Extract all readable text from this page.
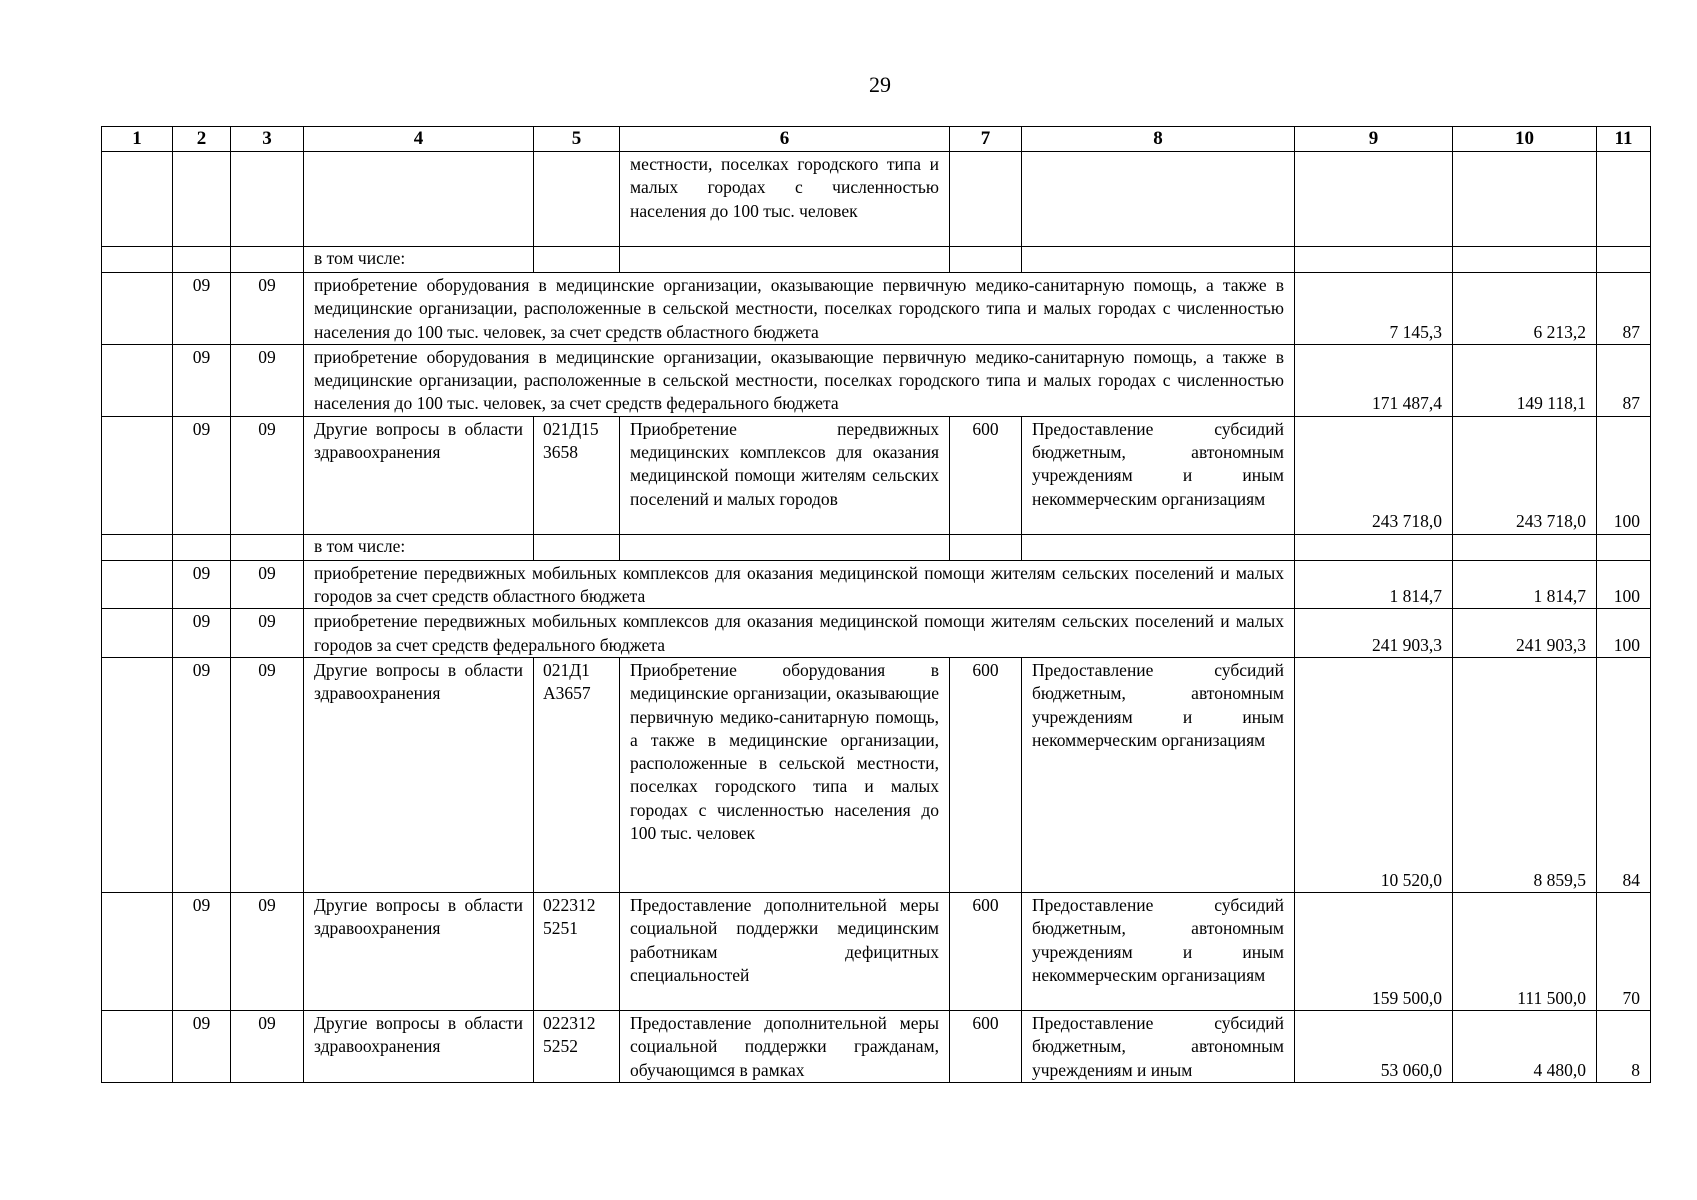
29
1	2	3	4	5	6	7	8	9	10	11
					местности, поселках городского типа и малых городах с численностью населения до 100 тыс. человек					
			в том числе:							
	09	09	приобретение оборудования в медицинские организации, оказывающие первичную медико-санитарную помощь, а также в медицинские организации, расположенные в сельской местности, поселках городского типа и малых городах с численностью населения до 100 тыс. человек, за счет средств областного бюджета					7 145,3	6 213,2	87
	09	09	приобретение оборудования в медицинские организации, оказывающие первичную медико-санитарную помощь, а также в медицинские организации, расположенные в сельской местности, поселках городского типа и малых городах с численностью населения до 100 тыс. человек, за счет средств федерального бюджета					171 487,4	149 118,1	87
	09	09	Другие вопросы в области здравоохранения	021Д15 3658	Приобретение передвижных медицинских комплексов для оказания медицинской помощи жителям сельских поселений и малых городов	600	Предоставление субсидий бюджетным, автономным учреждениям и иным некоммерческим организациям	243 718,0	243 718,0	100
			в том числе:							
	09	09	приобретение передвижных мобильных комплексов для оказания медицинской помощи жителям сельских поселений и малых городов за счет средств областного бюджета					1 814,7	1 814,7	100
	09	09	приобретение передвижных мобильных комплексов для оказания медицинской помощи жителям сельских поселений и малых городов за счет средств федерального бюджета					241 903,3	241 903,3	100
	09	09	Другие вопросы в области здравоохранения	021Д1 А3657	Приобретение оборудования в медицинские организации, оказывающие первичную медико-санитарную помощь, а также в медицинские организации, расположенные в сельской местности, поселках городского типа и малых городах с численностью населения до 100 тыс. человек	600	Предоставление субсидий бюджетным, автономным учреждениям и иным некоммерческим организациям	10 520,0	8 859,5	84
	09	09	Другие вопросы в области здравоохранения	022312 5251	Предоставление дополнительной меры социальной поддержки медицинским работникам дефицитных специальностей	600	Предоставление субсидий бюджетным, автономным учреждениям и иным некоммерческим организациям	159 500,0	111 500,0	70
	09	09	Другие вопросы в области здравоохранения	022312 5252	Предоставление дополнительной меры социальной поддержки гражданам, обучающимся в рамках	600	Предоставление субсидий бюджетным, автономным учреждениям и иным	53 060,0	4 480,0	8
